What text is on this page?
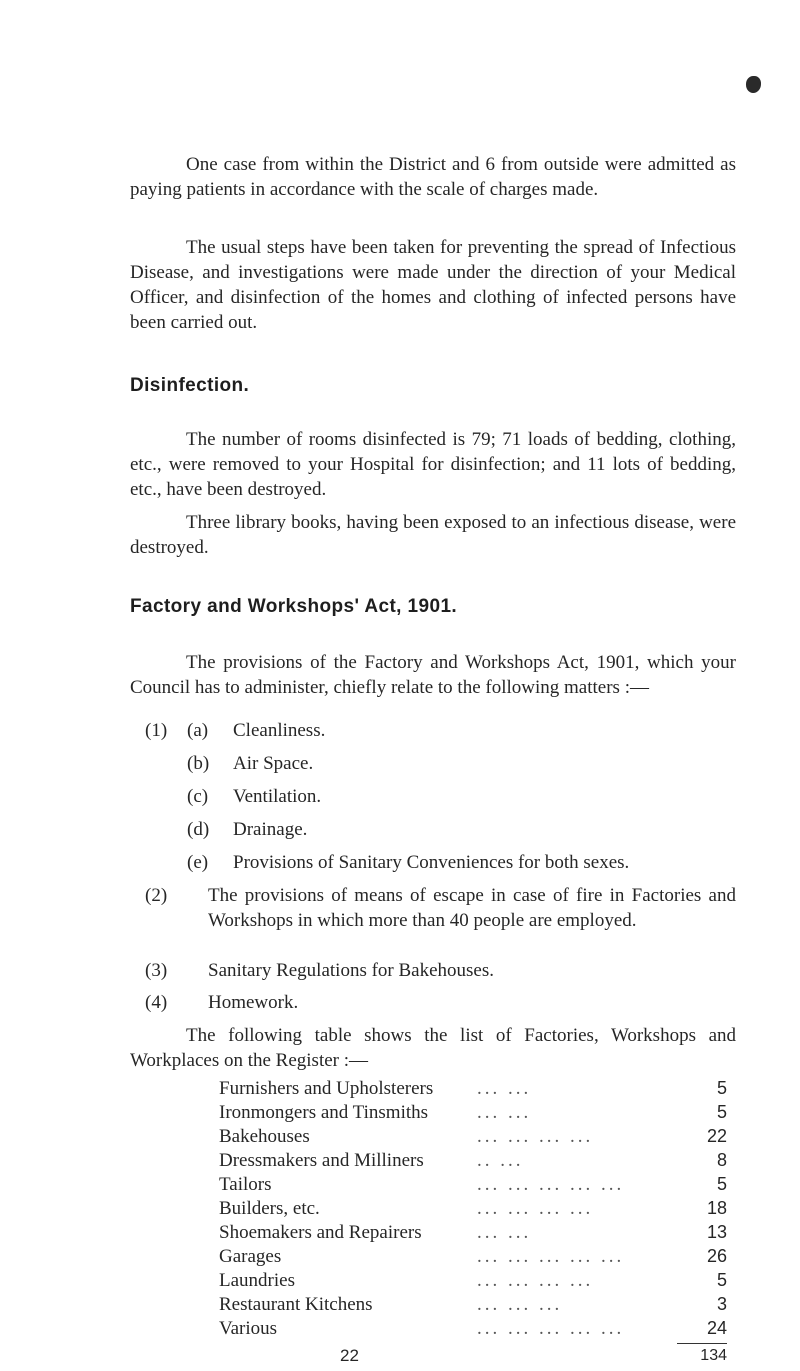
One case from within the District and 6 from outside were admitted as paying patients in accordance with the scale of charges made.

The usual steps have been taken for preventing the spread of Infectious Disease, and investigations were made under the direction of your Medical Officer, and disinfection of the homes and clothing of infected persons have been carried out.

Disinfection.

The number of rooms disinfected is 79; 71 loads of bedding, clothing, etc., were removed to your Hospital for disinfection; and 11 lots of bedding, etc., have been destroyed.

Three library books, having been exposed to an infectious disease, were destroyed.

Factory and Workshops' Act, 1901.

The provisions of the Factory and Workshops Act, 1901, which your Council has to administer, chiefly relate to the following matters :—

(1) (a) Cleanliness.
(b) Air Space.
(c) Ventilation.
(d) Drainage.
(e) Provisions of Sanitary Conveniences for both sexes.
(2) The provisions of means of escape in case of fire in Factories and Workshops in which more than 40 people are employed.
(3) Sanitary Regulations for Bakehouses.
(4) Homework.

The following table shows the list of Factories, Workshops and Workplaces on the Register :—

Furnishers and Upholsterers ... ...	5
Ironmongers and Tinsmiths	... ...	5
Bakehouses	... ... ... ...	22
Dressmakers and Milliners	.. ...	8
Tailors	... ... ... ... ...	5
Builders, etc.	... ... ... ...	18
Shoemakers and Repairers	... ...	13
Garages	... ... ... ... ...	26
Laundries	... ... ... ...	5
Restaurant Kitchens	... ... ...	3
Various	... ... ... ... ...	24
134
22
